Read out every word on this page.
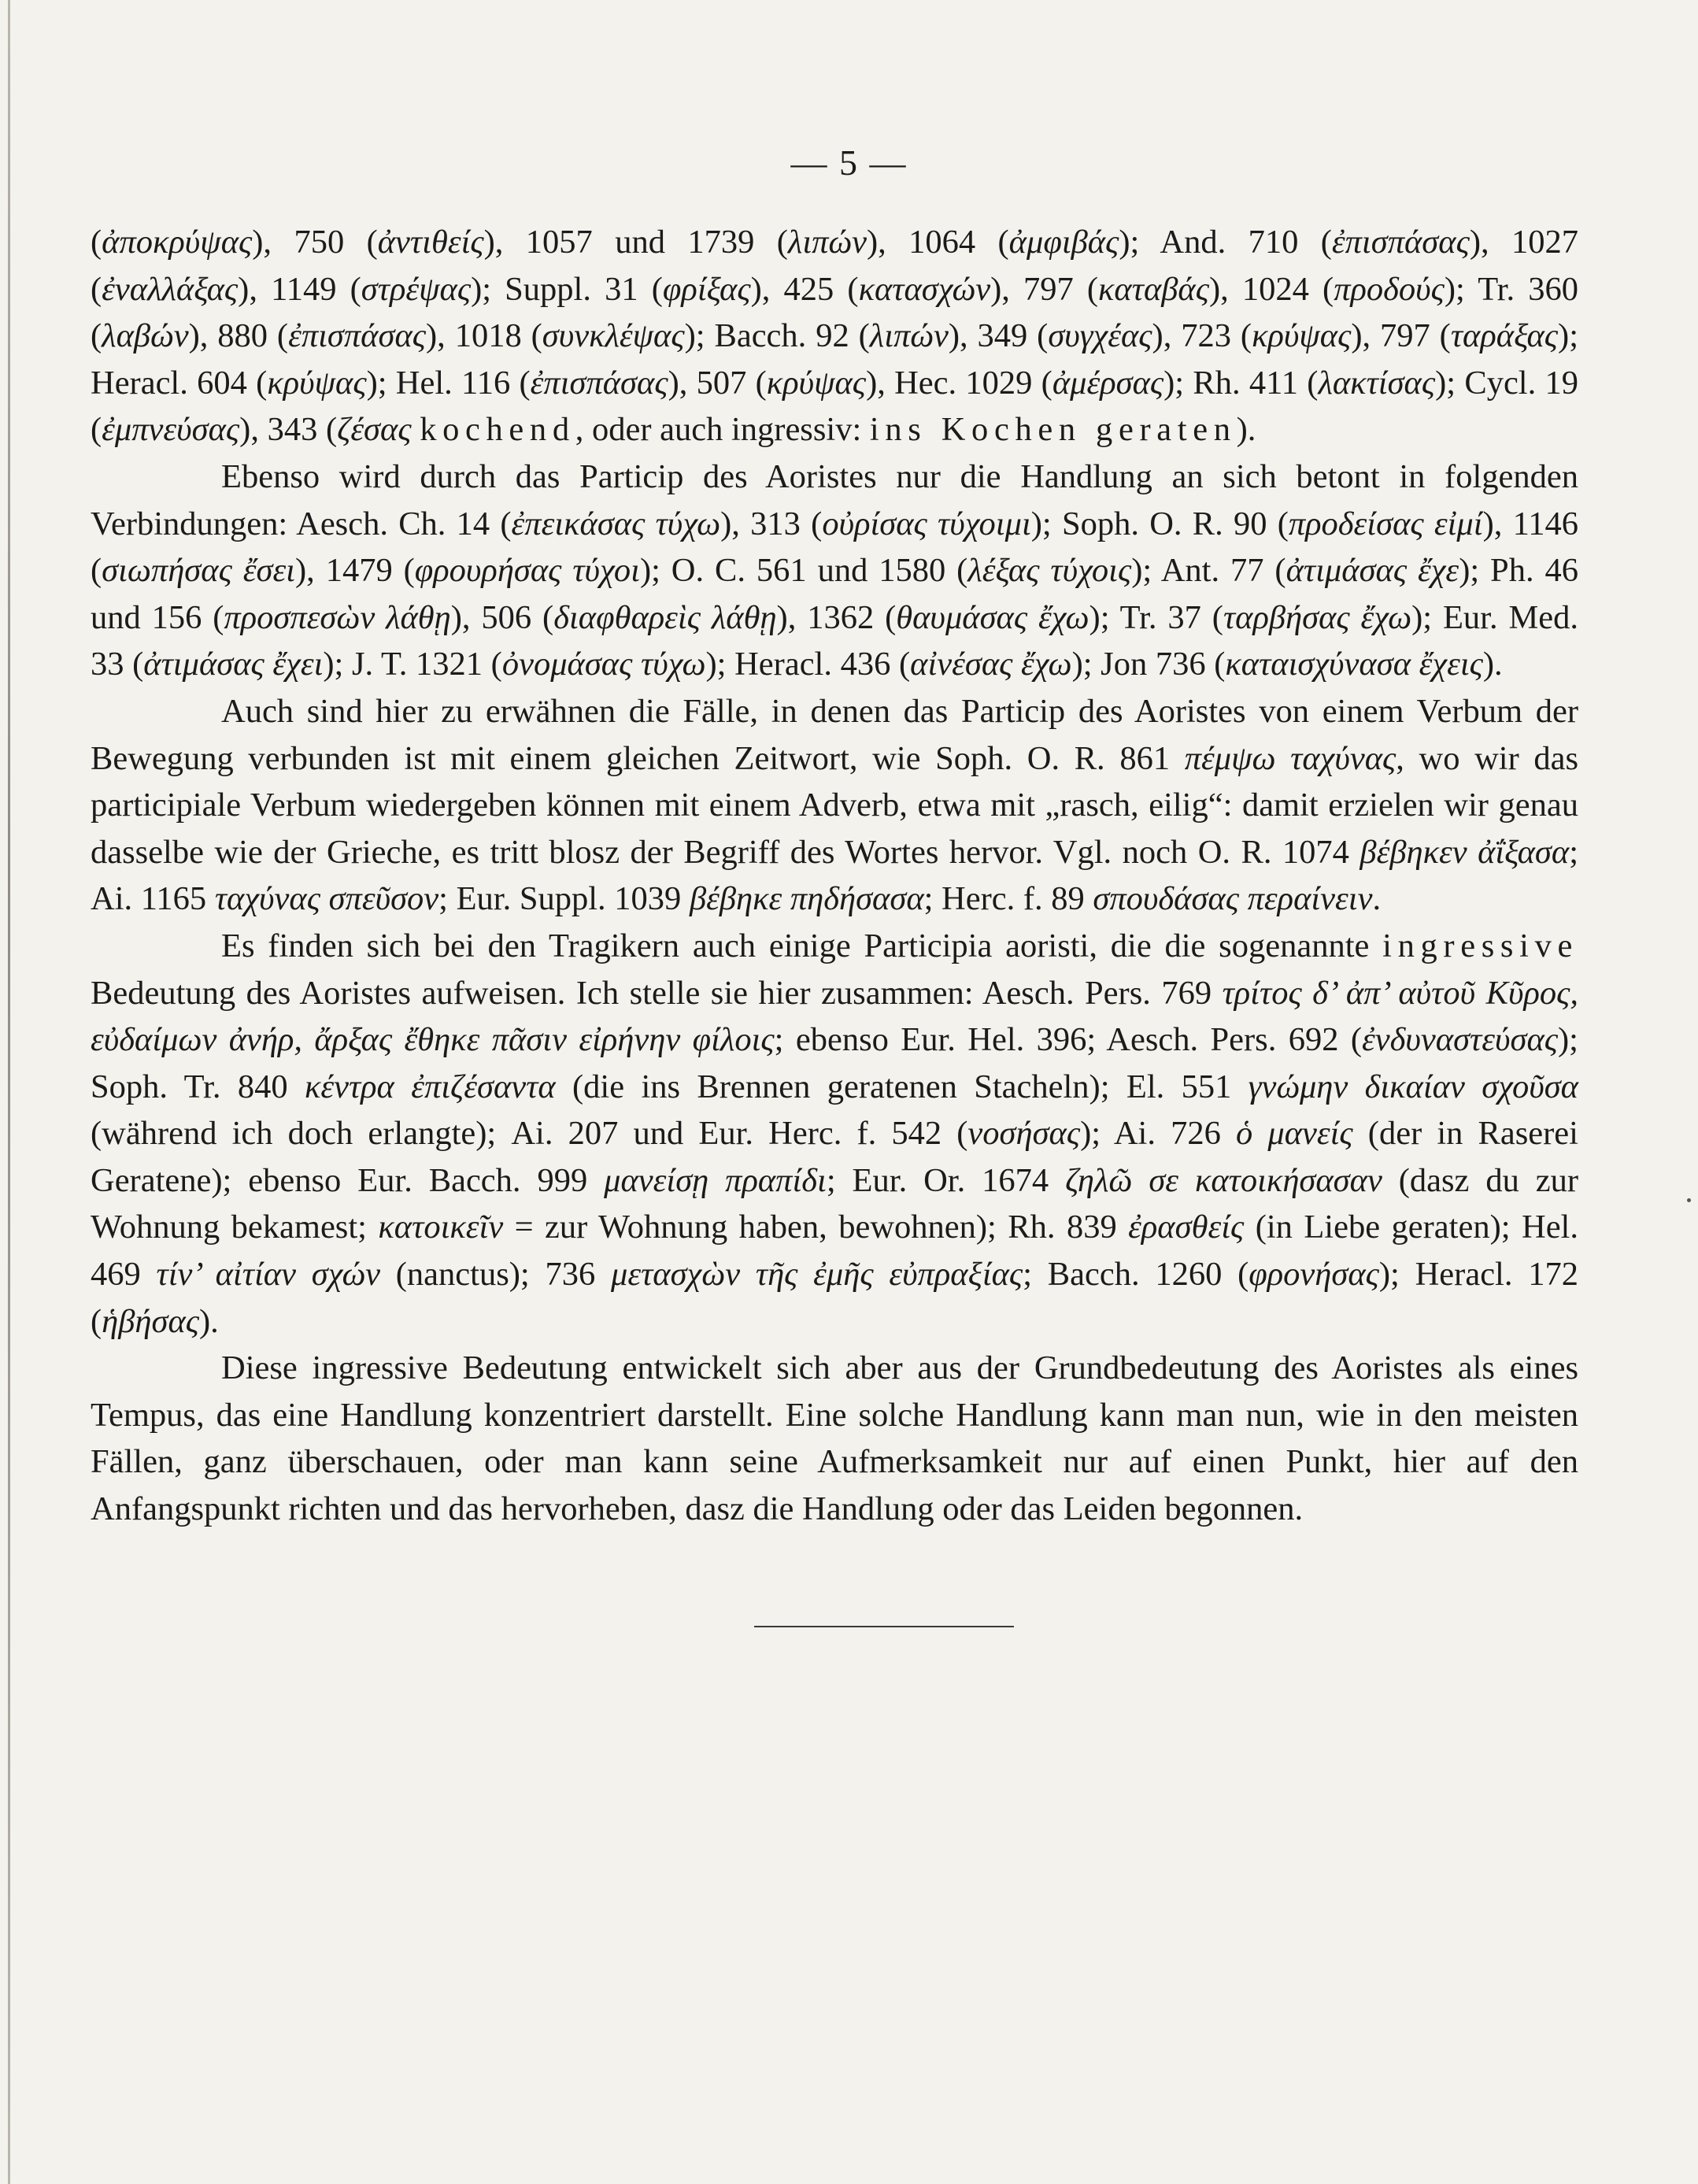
— 5 —

(ἀποκρύψας), 750 (ἀντιθείς), 1057 und 1739 (λιπών), 1064 (ἀμφιβάς); And. 710 (ἐπισπάσας), 1027 (ἐναλλάξας), 1149 (στρέψας); Suppl. 31 (φρίξας), 425 (κατασχών), 797 (καταβάς), 1024 (προδούς); Tr. 360 (λαβών), 880 (ἐπισπάσας), 1018 (συνκλέψας); Bacch. 92 (λιπών), 349 (συγχέας), 723 (κρύψας), 797 (ταράξας); Heracl. 604 (κρύψας); Hel. 116 (ἐπισπάσας), 507 (κρύψας), Hec. 1029 (ἀμέρσας); Rh. 411 (λακτίσας); Cycl. 19 (ἐμπνεύσας), 343 (ζέσας kochend, oder auch ingressiv: ins Kochen geraten).

Ebenso wird durch das Particip des Aoristes nur die Handlung an sich betont in folgenden Verbindungen: Aesch. Ch. 14 (ἐπεικάσας τύχω), 313 (οὐρίσας τύχοιμι); Soph. O. R. 90 (προδείσας εἰμί), 1146 (σιωπήσας ἔσει), 1479 (φρουρήσας τύχοι); O. C. 561 und 1580 (λέξας τύχοις); Ant. 77 (ἀτιμάσας ἔχε); Ph. 46 und 156 (προσπεσὼν λάθῃ), 506 (διαφθαρεὶς λάθῃ), 1362 (θαυμάσας ἔχω); Tr. 37 (ταρβήσας ἔχω); Eur. Med. 33 (ἀτιμάσας ἔχει); J. T. 1321 (ὀνομάσας τύχω); Heracl. 436 (αἰνέσας ἔχω); Jon 736 (καταισχύνασα ἔχεις).

Auch sind hier zu erwähnen die Fälle, in denen das Particip des Aoristes von einem Verbum der Bewegung verbunden ist mit einem gleichen Zeitwort, wie Soph. O. R. 861 πέμψω ταχύνας, wo wir das participiale Verbum wiedergeben können mit einem Adverb, etwa mit „rasch, eilig“: damit erzielen wir genau dasselbe wie der Grieche, es tritt blosz der Begriff des Wortes hervor. Vgl. noch O. R. 1074 βέβηκεν ἀΐξασα; Ai. 1165 ταχύνας σπεῦσον; Eur. Suppl. 1039 βέβηκε πηδήσασα; Herc. f. 89 σπουδάσας περαίνειν.

Es finden sich bei den Tragikern auch einige Participia aoristi, die die sogenannte ingressive Bedeutung des Aoristes aufweisen. Ich stelle sie hier zusammen: Aesch. Pers. 769 τρίτος δ’ ἀπ’ αὐτοῦ Κῦρος, εὐδαίμων ἀνήρ, ἄρξας ἔθηκε πᾶσιν εἰρήνην φίλοις; ebenso Eur. Hel. 396; Aesch. Pers. 692 (ἐνδυναστεύσας); Soph. Tr. 840 κέντρα ἐπιζέσαντα (die ins Brennen geratenen Stacheln); El. 551 γνώμην δικαίαν σχοῦσα (während ich doch erlangte); Ai. 207 und Eur. Herc. f. 542 (νοσήσας); Ai. 726 ὁ μανείς (der in Raserei Geratene); ebenso Eur. Bacch. 999 μανείσῃ πραπίδι; Eur. Or. 1674 ζηλῶ σε κατοικήσασαν (dasz du zur Wohnung bekamest; κατοικεῖν = zur Wohnung haben, bewohnen); Rh. 839 ἐρασθείς (in Liebe geraten); Hel. 469 τίν’ αἰτίαν σχών (nanctus); 736 μετασχὼν τῆς ἐμῆς εὐπραξίας; Bacch. 1260 (φρονήσας); Heracl. 172 (ἡβήσας).

Diese ingressive Bedeutung entwickelt sich aber aus der Grundbedeutung des Aoristes als eines Tempus, das eine Handlung konzentriert darstellt. Eine solche Handlung kann man nun, wie in den meisten Fällen, ganz überschauen, oder man kann seine Aufmerksamkeit nur auf einen Punkt, hier auf den Anfangspunkt richten und das hervorheben, dasz die Handlung oder das Leiden begonnen.
